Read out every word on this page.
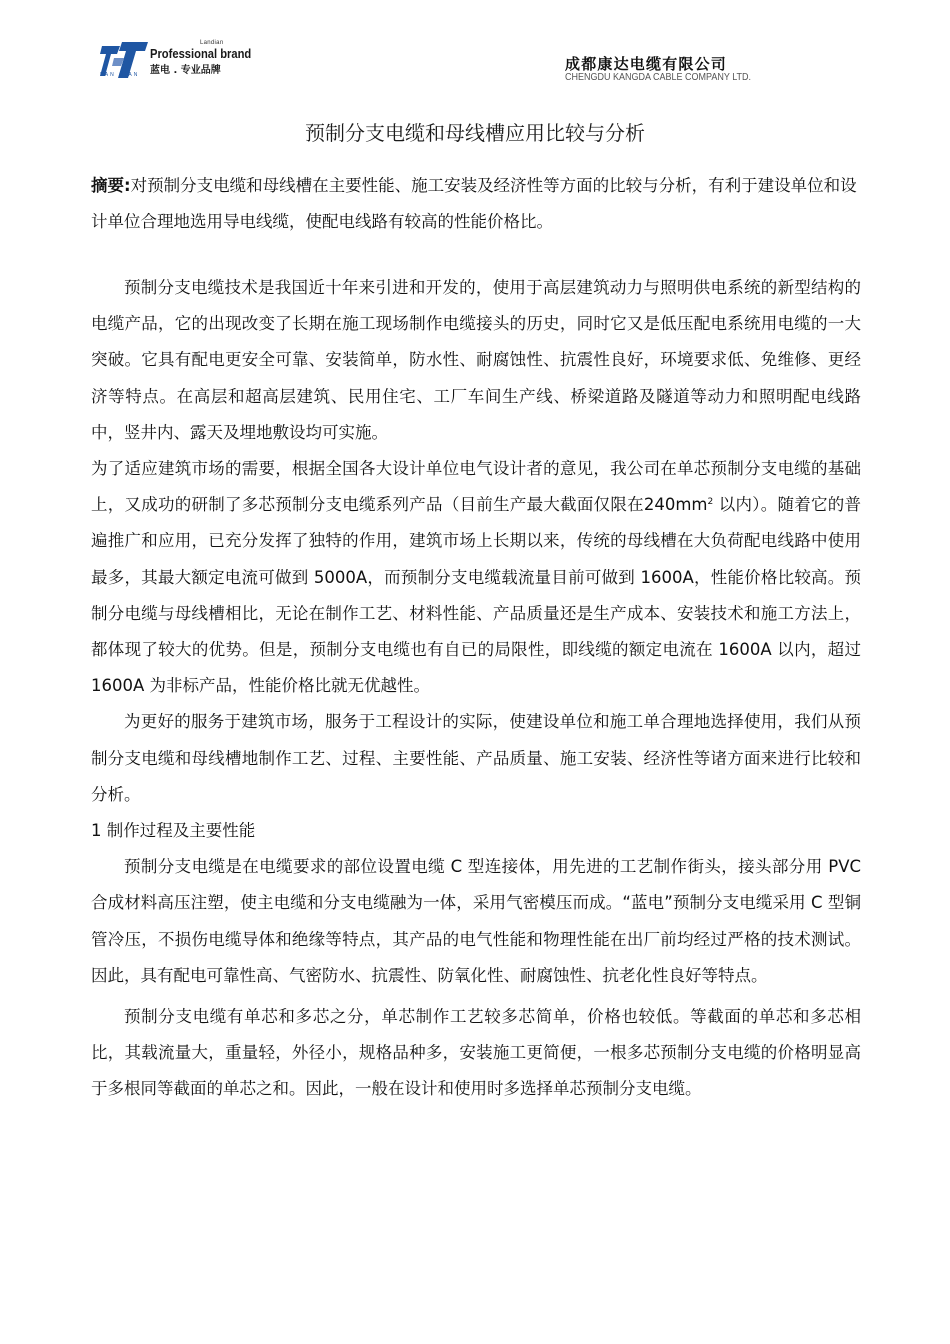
Landian
Professional brand
蓝电 . 专业品牌
LAN QIAN
成都康达电缆有限公司
CHENGDU KANGDA CABLE COMPANY LTD.
预制分支电缆和母线槽应用比较与分析
摘要:对预制分支电缆和母线槽在主要性能、施工安装及经济性等方面的比较与分析，有利于建设单位和设计单位合理地选用导电线缆，使配电线路有较高的性能价格比。

预制分支电缆技术是我国近十年来引进和开发的，使用于高层建筑动力与照明供电系统的新型结构的电缆产品，它的出现改变了长期在施工现场制作电缆接头的历史，同时它又是低压配电系统用电缆的一大突破。它具有配电更安全可靠、安装简单，防水性、耐腐蚀性、抗震性良好，环境要求低、免维修、更经济等特点。在高层和超高层建筑、民用住宅、工厂车间生产线、桥梁道路及隧道等动力和照明配电线路中，竖井内、露天及埋地敷设均可实施。

为了适应建筑市场的需要，根据全国各大设计单位电气设计者的意见，我公司在单芯预制分支电缆的基础上，又成功的研制了多芯预制分支电缆系列产品（目前生产最大截面仅限在$240mm^2$ 以内）。随着它的普遍推广和应用，已充分发挥了独特的作用，建筑市场上长期以来，传统的母线槽在大负荷配电线路中使用最多，其最大额定电流可做到 5000A，而预制分支电缆载流量目前可做到 1600A，性能价格比较高。预制分电缆与母线槽相比，无论在制作工艺、材料性能、产品质量还是生产成本、安装技术和施工方法上，都体现了较大的优势。但是，预制分支电缆也有自已的局限性，即线缆的额定电流在 1600A 以内，超过 1600A 为非标产品，性能价格比就无优越性。

为更好的服务于建筑市场，服务于工程设计的实际，使建设单位和施工单合理地选择使用，我们从预制分支电缆和母线槽地制作工艺、过程、主要性能、产品质量、施工安装、经济性等诸方面来进行比较和分析。

1 制作过程及主要性能

预制分支电缆是在电缆要求的部位设置电缆 C 型连接体，用先进的工艺制作街头，接头部分用 PVC 合成材料高压注塑，使主电缆和分支电缆融为一体，采用气密模压而成。“蓝电”预制分支电缆采用 C 型铜管冷压，不损伤电缆导体和绝缘等特点，其产品的电气性能和物理性能在出厂前均经过严格的技术测试。因此，具有配电可靠性高、气密防水、抗震性、防氧化性、耐腐蚀性、抗老化性良好等特点。

预制分支电缆有单芯和多芯之分，单芯制作工艺较多芯简单，价格也较低。等截面的单芯和多芯相比，其载流量大，重量轻，外径小，规格品种多，安装施工更简便，一根多芯预制分支电缆的价格明显高于多根同等截面的单芯之和。因此，一般在设计和使用时多选择单芯预制分支电缆。
